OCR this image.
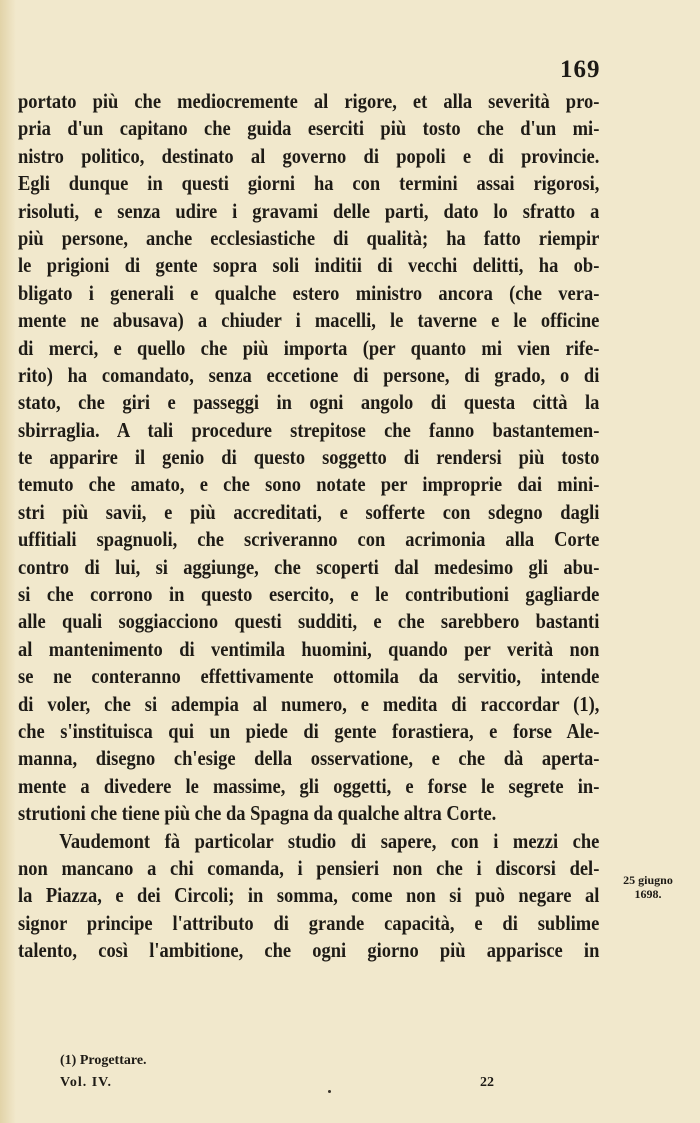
169
portato più che mediocremente al rigore, et alla severità pro-
pria d'un capitano che guida eserciti più tosto che d'un mi-
nistro politico, destinato al governo di popoli e di provincie.
Egli dunque in questi giorni ha con termini assai rigorosi,
risoluti, e senza udire i gravami delle parti, dato lo sfratto a
più persone, anche ecclesiastiche di qualità; ha fatto riempir
le prigioni di gente sopra soli inditii di vecchi delitti, ha ob-
bligato i generali e qualche estero ministro ancora (che vera-
mente ne abusava) a chiuder i macelli, le taverne e le officine
di merci, e quello che più importa (per quanto mi vien rife-
rito) ha comandato, senza eccetione di persone, di grado, o di
stato, che giri e passeggi in ogni angolo di questa città la
sbirraglia. A tali procedure strepitose che fanno bastantemen-
te apparire il genio di questo soggetto di rendersi più tosto
temuto che amato, e che sono notate per improprie dai mini-
stri più savii, e più accreditati, e sofferte con sdegno dagli
uffitiali spagnuoli, che scriveranno con acrimonia alla Corte
contro di lui, si aggiunge, che scoperti dal medesimo gli abu-
si che corrono in questo esercito, e le contributioni gagliarde
alle quali soggiacciono questi sudditi, e che sarebbero bastanti
al mantenimento di ventimila huomini, quando per verità non
se ne conteranno effettivamente ottomila da servitio, intende
di voler, che si adempia al numero, e medita di raccordar (1),
che s'instituisca qui un piede di gente forastiera, e forse Ale-
manna, disegno ch'esige della osservatione, e che dà aperta-
mente a divedere le massime, gli oggetti, e forse le segrete in-
strutioni che tiene più che da Spagna da qualche altra Corte.
Vaudemont fà particolar studio di sapere, con i mezzi che
non mancano a chi comanda, i pensieri non che i discorsi del-
la Piazza, e dei Circoli; in somma, come non si può negare al
signor principe l'attributo di grande capacità, e di sublime
talento, così l'ambitione, che ogni giorno più apparisce in
25 giugno
1698.

(1) Progettare.

Vol. IV.	22
